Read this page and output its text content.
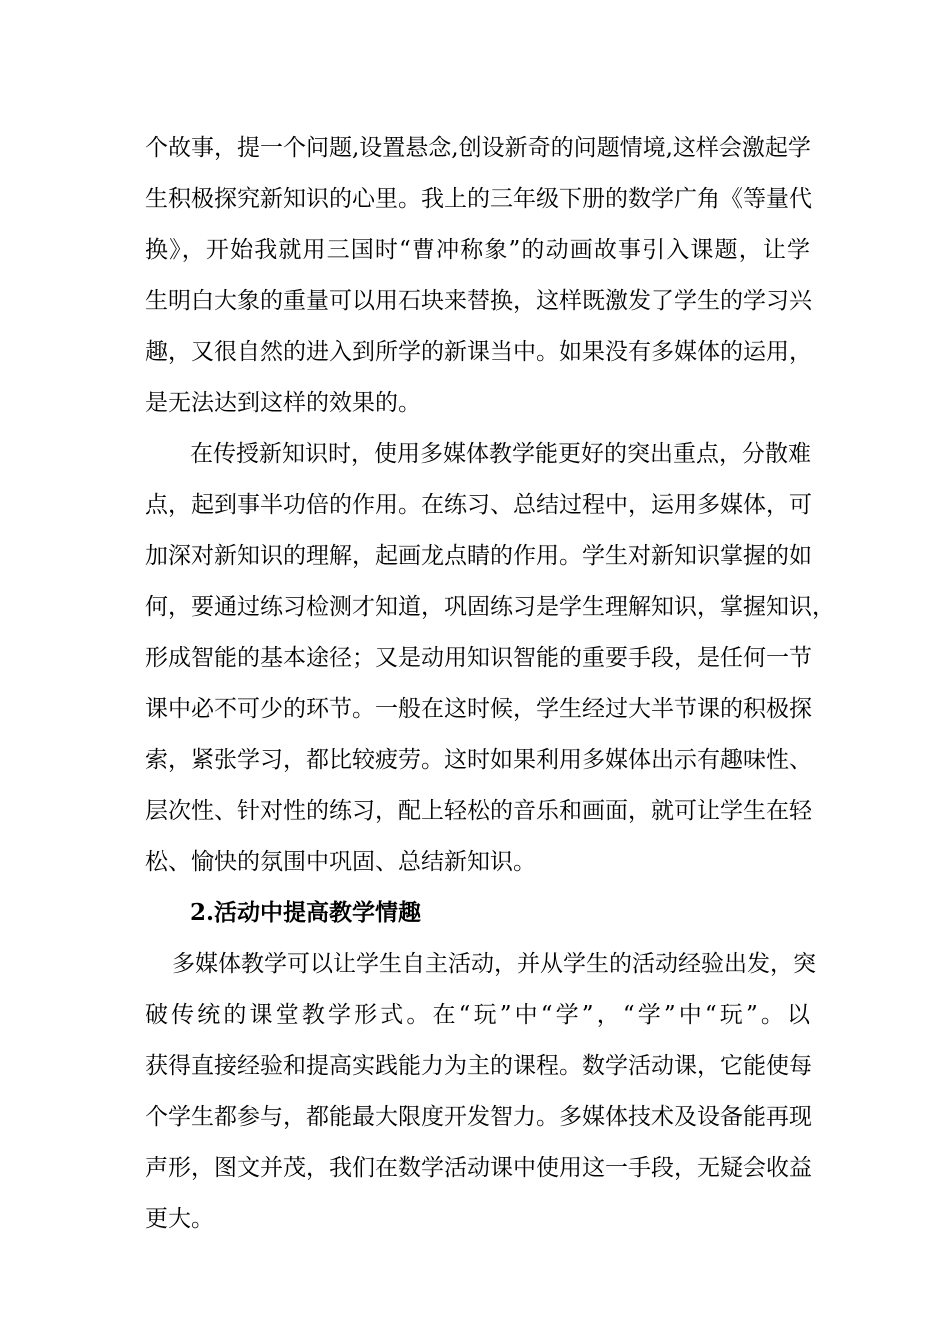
个故事，提一个问题,设置悬念,创设新奇的问题情境,这样会激起学
生积极探究新知识的心里。我上的三年级下册的数学广角《等量代
换》，开始我就用三国时“曹冲称象”的动画故事引入课题，让学
生明白大象的重量可以用石块来替换，这样既激发了学生的学习兴
趣，又很自然的进入到所学的新课当中。如果没有多媒体的运用，
是无法达到这样的效果的。
在传授新知识时，使用多媒体教学能更好的突出重点，分散难
点，起到事半功倍的作用。在练习、总结过程中，运用多媒体，可
加深对新知识的理解，起画龙点睛的作用。学生对新知识掌握的如
何，要通过练习检测才知道，巩固练习是学生理解知识，掌握知识，
形成智能的基本途径；又是动用知识智能的重要手段，是任何一节
课中必不可少的环节。一般在这时候，学生经过大半节课的积极探
索，紧张学习，都比较疲劳。这时如果利用多媒体出示有趣味性、
层次性、针对性的练习，配上轻松的音乐和画面，就可让学生在轻
松、愉快的氛围中巩固、总结新知识。
2.活动中提高教学情趣
多媒体教学可以让学生自主活动，并从学生的活动经验出发，突
破传统的课堂教学形式。在“玩”中“学”，“学”中“玩”。以
获得直接经验和提高实践能力为主的课程。数学活动课，它能使每
个学生都参与，都能最大限度开发智力。多媒体技术及设备能再现
声形，图文并茂，我们在数学活动课中使用这一手段，无疑会收益
更大。
